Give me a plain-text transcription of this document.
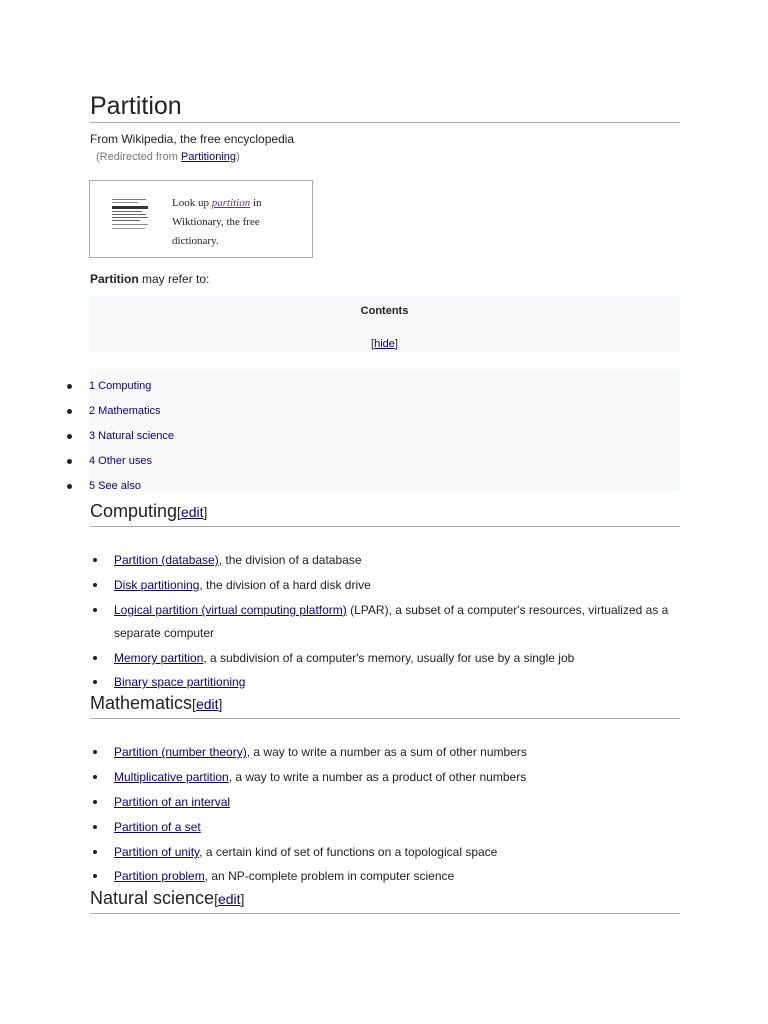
Partition
From Wikipedia, the free encyclopedia
(Redirected from Partitioning)
Look up partition in Wiktionary, the free dictionary.
Partition may refer to:
Contents
[hide]
1 Computing
2 Mathematics
3 Natural science
4 Other uses
5 See also
Computing[edit]
Partition (database), the division of a database
Disk partitioning, the division of a hard disk drive
Logical partition (virtual computing platform) (LPAR), a subset of a computer's resources, virtualized as a separate computer
Memory partition, a subdivision of a computer's memory, usually for use by a single job
Binary space partitioning
Mathematics[edit]
Partition (number theory), a way to write a number as a sum of other numbers
Multiplicative partition, a way to write a number as a product of other numbers
Partition of an interval
Partition of a set
Partition of unity, a certain kind of set of functions on a topological space
Partition problem, an NP-complete problem in computer science
Natural science[edit]
